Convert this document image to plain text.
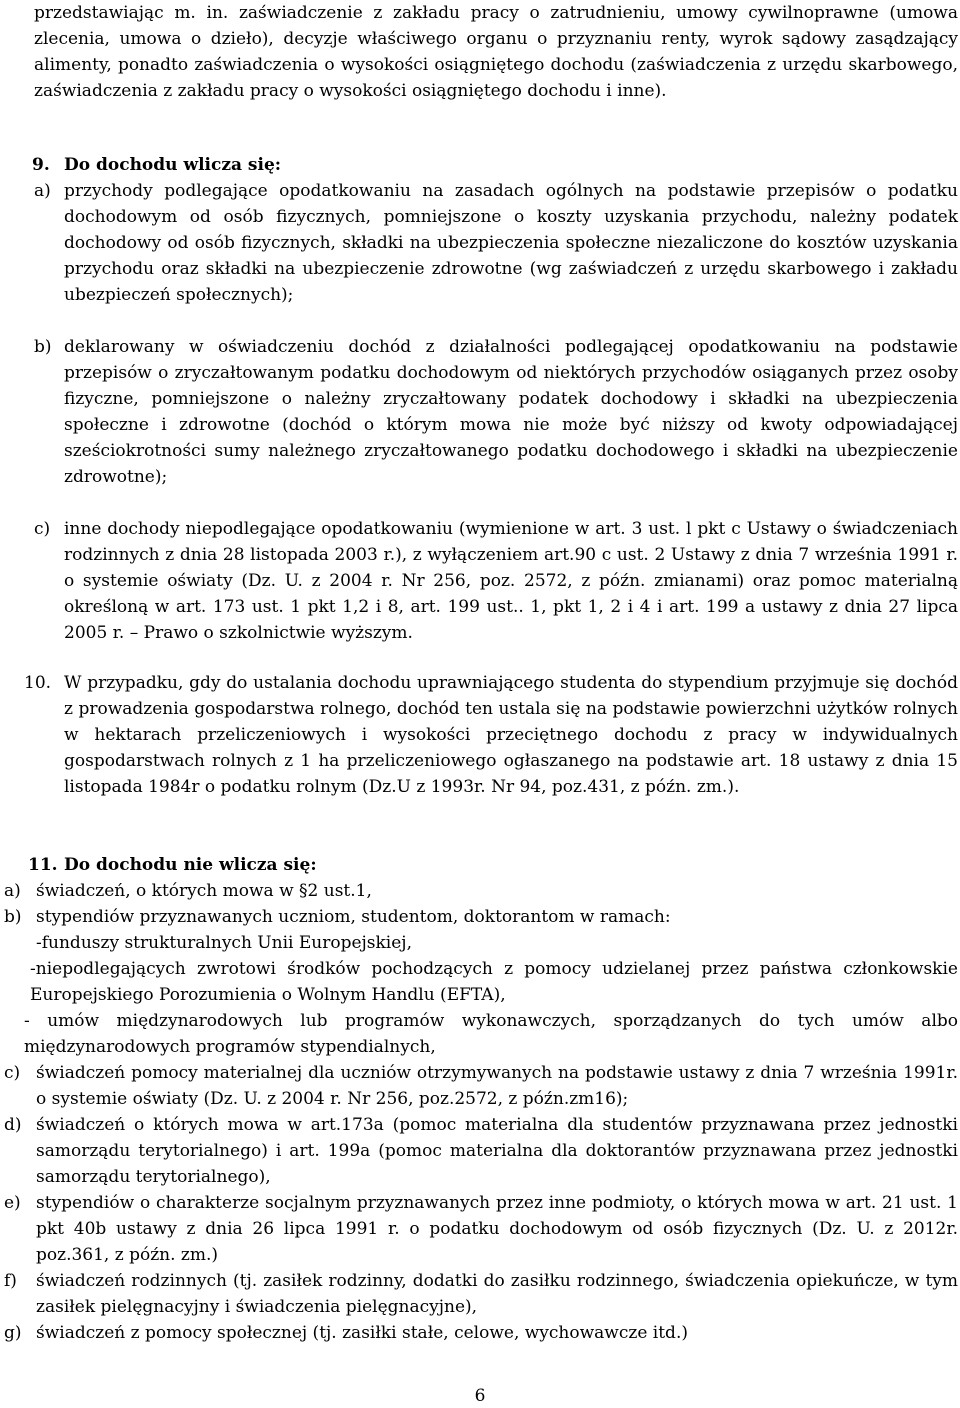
przedstawiając m. in. zaświadczenie z zakładu pracy o zatrudnieniu, umowy cywilnoprawne (umowa zlecenia, umowa o dzieło), decyzje właściwego organu o przyznaniu renty, wyrok sądowy zasądzający alimenty, ponadto zaświadczenia o wysokości osiągniętego dochodu (zaświadczenia z urzędu skarbowego, zaświadczenia z zakładu pracy o wysokości osiągniętego dochodu i inne).

9. Do dochodu wlicza się:
a) przychody podlegające opodatkowaniu na zasadach ogólnych na podstawie przepisów o podatku dochodowym od osób fizycznych, pomniejszone o koszty uzyskania przychodu, należny podatek dochodowy od osób fizycznych, składki na ubezpieczenia społeczne niezaliczone do kosztów uzyskania przychodu oraz składki na ubezpieczenie zdrowotne (wg zaświadczeń z urzędu skarbowego i zakładu ubezpieczeń społecznych);

b) deklarowany w oświadczeniu dochód z działalności podlegającej opodatkowaniu na podstawie przepisów o zryczałtowanym podatku dochodowym od niektórych przychodów osiąganych przez osoby fizyczne, pomniejszone o należny zryczałtowany podatek dochodowy i składki na ubezpieczenia społeczne i zdrowotne (dochód o którym mowa nie może być niższy od kwoty odpowiadającej sześciokrotności sumy należnego zryczałtowanego podatku dochodowego i składki na ubezpieczenie zdrowotne);

c) inne dochody niepodlegające opodatkowaniu (wymienione w art. 3 ust. l pkt c Ustawy o świadczeniach rodzinnych z dnia 28 listopada 2003 r.), z wyłączeniem art.90 c ust. 2 Ustawy z dnia 7 września 1991 r. o systemie oświaty (Dz. U. z 2004 r. Nr 256, poz. 2572, z późn. zmianami) oraz pomoc materialną określoną w art. 173 ust. 1 pkt 1,2 i 8, art. 199 ust.. 1, pkt 1, 2 i 4 i art. 199 a ustawy z dnia 27 lipca 2005 r. – Prawo o szkolnictwie wyższym.

10. W przypadku, gdy do ustalania dochodu uprawniającego studenta do stypendium przyjmuje się dochód z prowadzenia gospodarstwa rolnego, dochód ten ustala się na podstawie powierzchni użytków rolnych w hektarach przeliczeniowych i wysokości przeciętnego dochodu z pracy w indywidualnych gospodarstwach rolnych z 1 ha przeliczeniowego ogłaszanego na podstawie art. 18 ustawy z dnia 15 listopada 1984r o podatku rolnym (Dz.U z 1993r. Nr 94, poz.431, z późn. zm.).

11. Do dochodu nie wlicza się:
a) świadczeń, o których mowa w §2 ust.1,

b) stypendiów przyznawanych uczniom, studentom, doktorantom w ramach:

-funduszy strukturalnych Unii Europejskiej,

-niepodlegających zwrotowi środków pochodzących z pomocy udzielanej przez państwa członkowskie Europejskiego Porozumienia o Wolnym Handlu (EFTA),

- umów międzynarodowych lub programów wykonawczych, sporządzanych do tych umów albo międzynarodowych programów stypendialnych,

c) świadczeń pomocy materialnej dla uczniów otrzymywanych na podstawie ustawy z dnia 7 września 1991r. o systemie oświaty (Dz. U. z 2004 r. Nr 256, poz.2572, z późn.zm16);

d) świadczeń o których mowa w art.173a (pomoc materialna dla studentów przyznawana przez jednostki samorządu terytorialnego) i art. 199a (pomoc materialna dla doktorantów przyznawana przez jednostki samorządu terytorialnego),

e) stypendiów o charakterze socjalnym przyznawanych przez inne podmioty, o których mowa w art. 21 ust. 1 pkt 40b ustawy z dnia 26 lipca 1991 r. o podatku dochodowym od osób fizycznych (Dz. U. z 2012r. poz.361, z późn. zm.)

f) świadczeń rodzinnych (tj. zasiłek rodzinny, dodatki do zasiłku rodzinnego, świadczenia opiekuńcze, w tym zasiłek pielęgnacyjny i świadczenia pielęgnacyjne),

g) świadczeń z pomocy społecznej (tj. zasiłki stałe, celowe, wychowawcze itd.)

6
